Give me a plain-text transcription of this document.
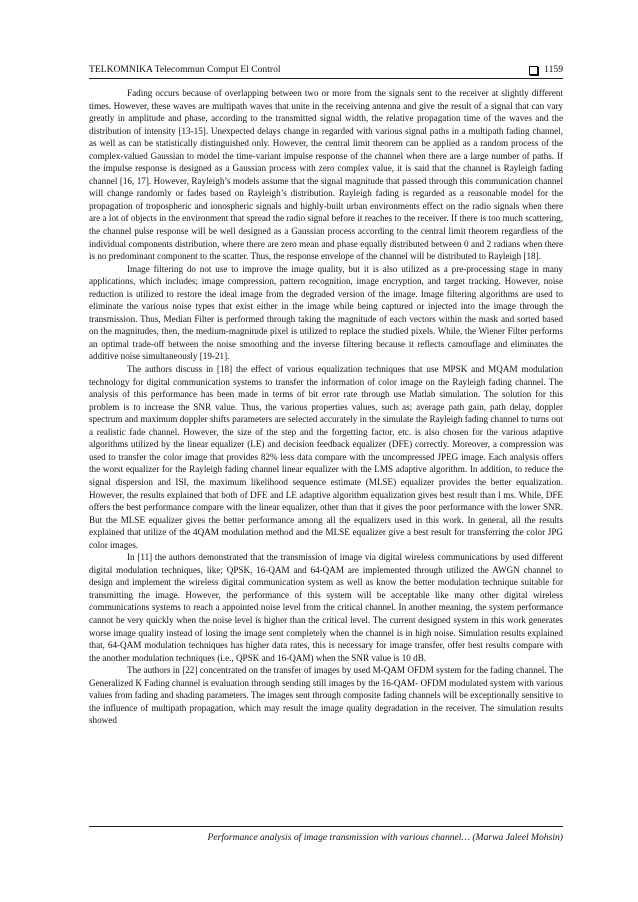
TELKOMNIKA Telecommun Comput El Control	1159

Fading occurs because of overlapping between two or more from the signals sent to the receiver at slightly different times. However, these waves are multipath waves that unite in the receiving antenna and give the result of a signal that can vary greatly in amplitude and phase, according to the transmitted signal width, the relative propagation time of the waves and the distribution of intensity [13-15]. Unexpected delays change in regarded with various signal paths in a multipath fading channel, as well as can be statistically distinguished only. However, the central limit theorem can be applied as a random process of the complex-valued Gaussian to model the time-variant impulse response of the channel when there are a large number of paths. If the impulse response is designed as a Gaussian process with zero complex value, it is said that the channel is Rayleigh fading channel [16, 17]. However, Rayleigh’s models assume that the signal magnitude that passed through this communication channel will change randomly or fades based on Rayleigh’s distribution. Rayleigh fading is regarded as a reasonable model for the propagation of tropospheric and ionospheric signals and highly-built urban environments effect on the radio signals when there are a lot of objects in the environment that spread the radio signal before it reaches to the receiver. If there is too much scattering, the channel pulse response will be well designed as a Gaussian process according to the central limit theorem regardless of the individual components distribution, where there are zero mean and phase equally distributed between 0 and 2 radians when there is no predominant component to the scatter. Thus, the response envelope of the channel will be distributed to Rayleigh [18].

Image filtering do not use to improve the image quality, but it is also utilized as a pre-processing stage in many applications, which includes; image compression, pattern recognition, image encryption, and target tracking. However, noise reduction is utilized to restore the ideal image from the degraded version of the image. Image filtering algorithms are used to eliminate the various noise types that exist either in the image while being captured or injected into the image through the transmission. Thus, Median Filter is performed through taking the magnitude of each vectors within the mask and sorted based on the magnitudes, then, the medium-magnitude pixel is utilized to replace the studied pixels. While, the Wiener Filter performs an optimal trade-off between the noise smoothing and the inverse filtering because it reflects camouflage and eliminates the additive noise simultaneously [19-21].

The authors discuss in [18] the effect of various equalization techniques that use MPSK and MQAM modulation technology for digital communication systems to transfer the information of color image on the Rayleigh fading channel. The analysis of this performance has been made in terms of bit error rate through use Matlab simulation. The solution for this problem is to increase the SNR value. Thus, the various properties values, such as; average path gain, path delay, doppler spectrum and maximum doppler shifts parameters are selected accurately in the simulate the Rayleigh fading channel to turns out a realistic fade channel. However, the size of the step and the forgetting factor, etc. is also chosen for the various adaptive algorithms utilized by the linear equalizer (LE) and decision feedback equalizer (DFE) correctly. Moreover, a compression was used to transfer the color image that provides 82% less data compare with the uncompressed JPEG image. Each analysis offers the worst equalizer for the Rayleigh fading channel linear equalizer with the LMS adaptive algorithm. In addition, to reduce the signal dispersion and ISI, the maximum likelihood sequence estimate (MLSE) equalizer provides the better equalization. However, the results explained that both of DFE and LE adaptive algorithm equalization gives best result than l ms. While, DFE offers the best performance compare with the linear equalizer, other than that it gives the poor performance with the lower SNR. But the MLSE equalizer gives the better performance among all the equalizers used in this work. In general, all the results explained that utilize of the 4QAM modulation method and the MLSE equalizer give a best result for transferring the color JPG color images.

In [11] the authors demonstrated that the transmission of image via digital wireless communications by used different digital modulation techniques, like; QPSK, 16-QAM and 64-QAM are implemented through utilized the AWGN channel to design and implement the wireless digital communication system as well as know the better modulation technique suitable for transmitting the image. However, the performance of this system will be acceptable like many other digital wireless communications systems to reach a appointed noise level from the critical channel. In another meaning, the system performance cannot be very quickly when the noise level is higher than the critical level. The current designed system in this work generates worse image quality instead of losing the image sent completely when the channel is in high noise. Simulation results explained that, 64-QAM modulation techniques has higher data rates, this is necessary for image transfer, offer best results compare with the another modulation techniques (i.e., QPSK and 16-QAM) when the SNR value is 10 dB.

The authors in [22] concentrated on the transfer of images by used M-QAM OFDM system for the fading channel. The Generalized K Fading channel is evaluation through sending still images by the 16-QAM- OFDM modulated system with various values from fading and shading parameters. The images sent through composite fading channels will be exceptionally sensitive to the influence of multipath propagation, which may result the image quality degradation in the receiver. The simulation results showed

Performance analysis of image transmission with various channel… (Marwa Jaleel Mohsin)
